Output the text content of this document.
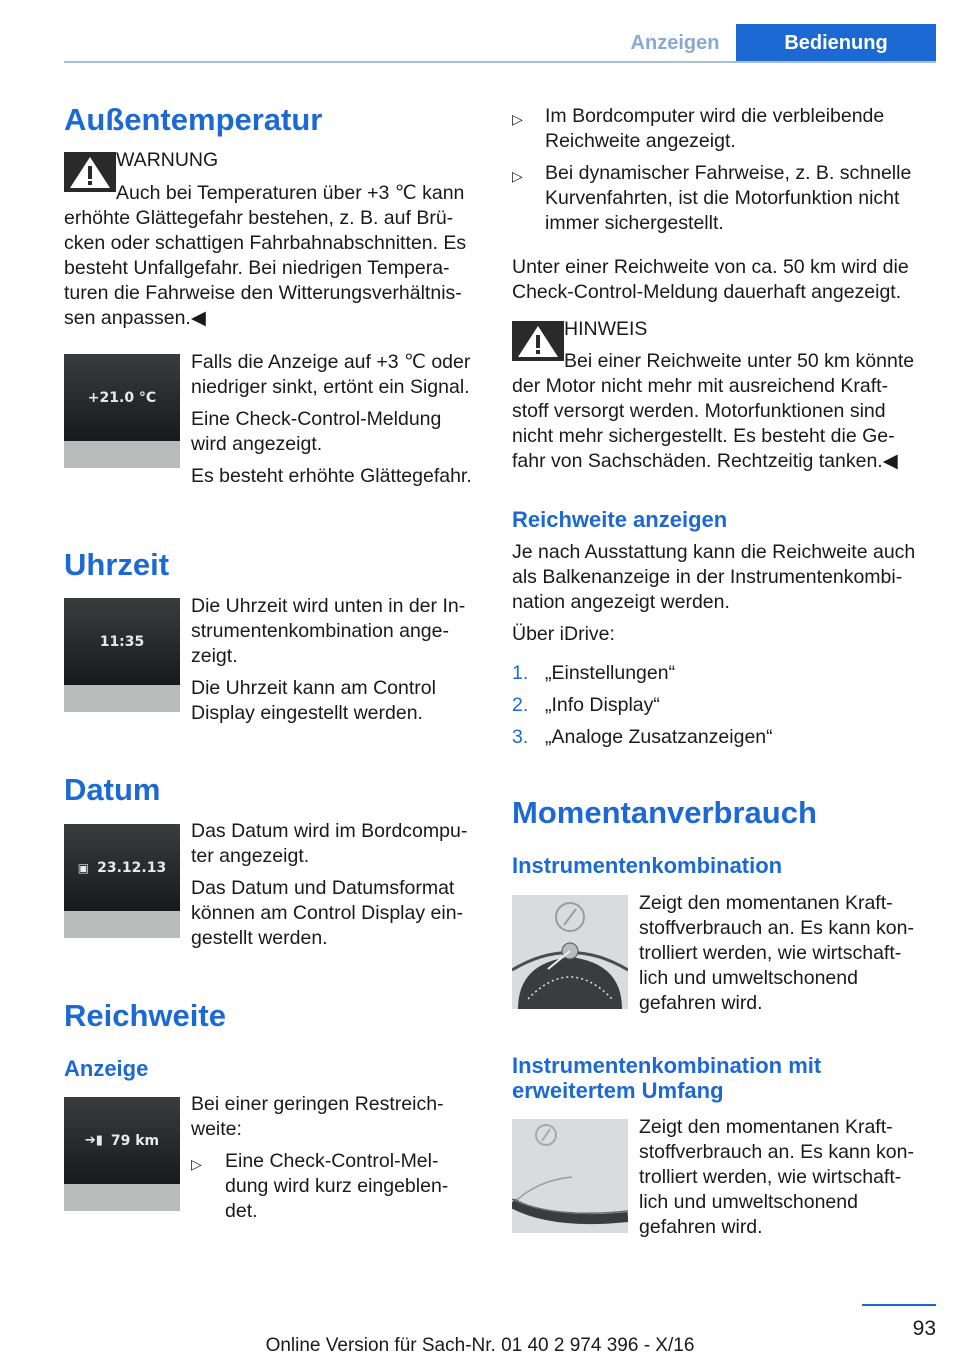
Anzeigen	Bedienung
Außentemperatur
WARNUNG
Auch bei Temperaturen über +3 ℃ kann
erhöhte Glättegefahr bestehen, z. B. auf Brü‐
cken oder schattigen Fahrbahnabschnitten. Es
besteht Unfallgefahr. Bei niedrigen Tempera‐
turen die Fahrweise den Witterungsverhältnis‐
sen anpassen.◀
+21.0 °C
Falls die Anzeige auf +3 ℃ oder
niedriger sinkt, ertönt ein Signal.
Eine Check-Control-Meldung
wird angezeigt.
Es besteht erhöhte Glättegefahr.
Uhrzeit
11:35
Die Uhrzeit wird unten in der In‐
strumentenkombination ange‐
zeigt.
Die Uhrzeit kann am Control
Display eingestellt werden.
Datum
▣ 23.12.13
Das Datum wird im Bordcompu‐
ter angezeigt.
Das Datum und Datumsformat
können am Control Display ein‐
gestellt werden.
Reichweite
Anzeige
➔▮ 79 km
Bei einer geringen Restreich‐
weite:
▷ Eine Check-Control-Mel‐
dung wird kurz eingeblen‐
det.
▷ Im Bordcomputer wird die verbleibende
Reichweite angezeigt.
▷ Bei dynamischer Fahrweise, z. B. schnelle
Kurvenfahrten, ist die Motorfunktion nicht
immer sichergestellt.
Unter einer Reichweite von ca. 50 km wird die
Check-Control-Meldung dauerhaft angezeigt.
HINWEIS
Bei einer Reichweite unter 50 km könnte
der Motor nicht mehr mit ausreichend Kraft‐
stoff versorgt werden. Motorfunktionen sind
nicht mehr sichergestellt. Es besteht die Ge‐
fahr von Sachschäden. Rechtzeitig tanken.◀
Reichweite anzeigen
Je nach Ausstattung kann die Reichweite auch
als Balkenanzeige in der Instrumentenkombi‐
nation angezeigt werden.
Über iDrive:
1. „Einstellungen“
2. „Info Display“
3. „Analoge Zusatzanzeigen“
Momentanverbrauch
Instrumentenkombination
Zeigt den momentanen Kraft‐
stoffverbrauch an. Es kann kon‐
trolliert werden, wie wirtschaft‐
lich und umweltschonend
gefahren wird.
Instrumentenkombination mit
erweitertem Umfang
Zeigt den momentanen Kraft‐
stoffverbrauch an. Es kann kon‐
trolliert werden, wie wirtschaft‐
lich und umweltschonend
gefahren wird.
93
Online Version für Sach-Nr. 01 40 2 974 396 - X/16
